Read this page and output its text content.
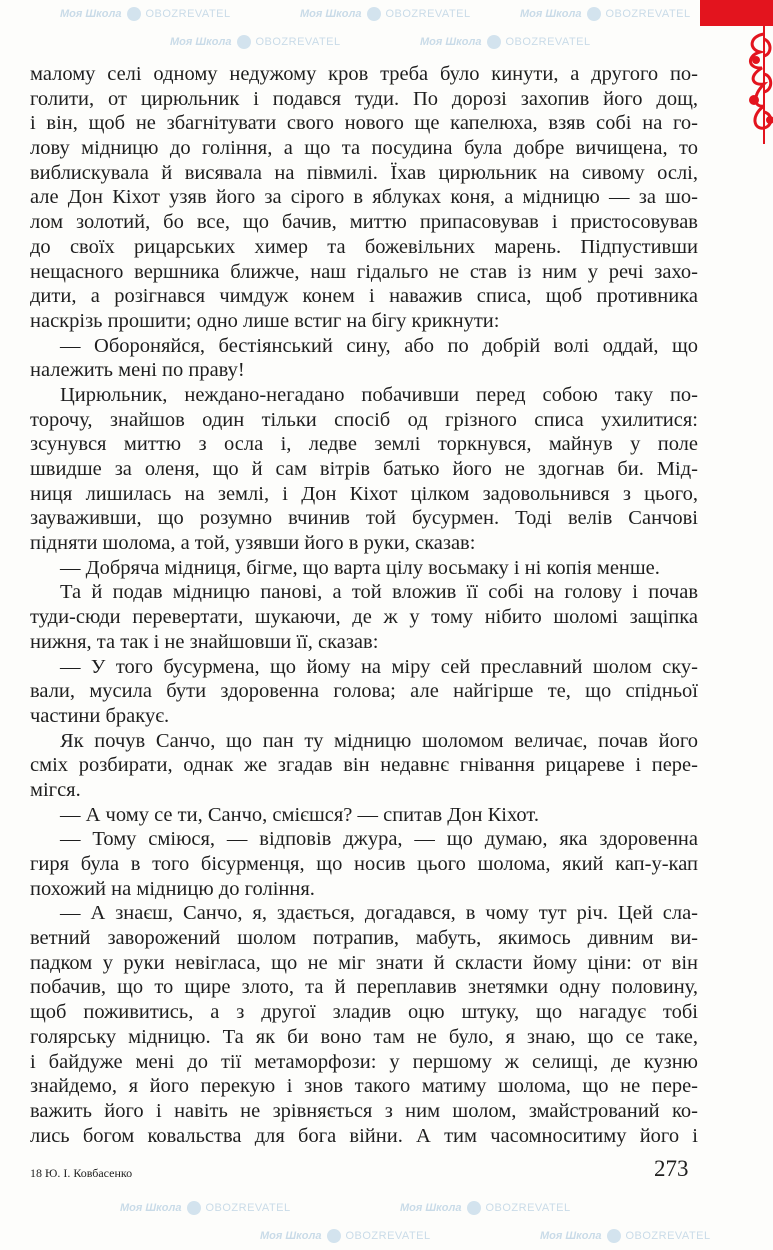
Моя Школа OBOZREVATEL	Моя Школа OBOZREVATEL	Моя Школа OBOZREVATEL
Моя Школа OBOZREVATEL	Моя Школа OBOZREVATEL
Моя Школа OBOZREVATEL	Моя Школа OBOZREVATEL
Моя Школа OBOZREVATEL	Моя Школа OBOZREVATEL
малому селі одному недужому кров треба було кинути, а другого по-
голити, от цирюльник і подався туди. По дорозі захопив його дощ,
і він, щоб не збагнітувати свого нового ще капелюха, взяв собі на го-
лову мідницю до гоління, а що та посудина була добре вичищена, то
виблискувала й висявала на півмилі. Їхав цирюльник на сивому ослі,
але Дон Кіхот узяв його за сірого в яблуках коня, а мідницю — за шо-
лом золотий, бо все, що бачив, миттю припасовував і пристосовував
до своїх рицарських химер та божевільних марень. Підпустивши
нещасного вершника ближче, наш гідальго не став із ним у речі захо-
дити, а розігнався чимдуж конем і наважив списа, щоб противника
наскрізь прошити; одно лише встиг на бігу крикнути:
— Обороняйся, бестіянський сину, або по добрій волі оддай, що
належить мені по праву!
Цирюльник, неждано-негадано побачивши перед собою таку по-
торочу, знайшов один тільки спосіб од грізного списа ухилитися:
зсунувся миттю з осла і, ледве землі торкнувся, майнув у поле
швидше за оленя, що й сам вітрів батько його не здогнав би. Мід-
ниця лишилась на землі, і Дон Кіхот цілком задовольнився з цього,
зауваживши, що розумно вчинив той бусурмен. Тоді велів Санчові
підняти шолома, а той, узявши його в руки, сказав:
— Добряча мідниця, бігме, що варта цілу восьмаку і ні копія менше.
Та й подав мідницю панові, а той вложив її собі на голову і почав
туди-сюди перевертати, шукаючи, де ж у тому нібито шоломі защіпка
нижня, та так і не знайшовши її, сказав:
— У того бусурмена, що йому на міру сей преславний шолом ску-
вали, мусила бути здоровенна голова; але найгірше те, що спідньої
частини бракує.
Як почув Санчо, що пан ту мідницю шоломом величає, почав його
сміх розбирати, однак же згадав він недавнє гнівання рицареве і пере-
мігся.
— А чому се ти, Санчо, смієшся? — спитав Дон Кіхот.
— Тому сміюся, — відповів джура, — що думаю, яка здоровенна
гиря була в того бісурменця, що носив цього шолома, який кап-у-кап
похожий на мідницю до гоління.
— А знаєш, Санчо, я, здається, догадався, в чому тут річ. Цей сла-
ветний заворожений шолом потрапив, мабуть, якимось дивним ви-
падком у руки невігласа, що не міг знати й скласти йому ціни: от він
побачив, що то щире злото, та й переплавив знетямки одну половину,
щоб поживитись, а з другої зладив оцю штуку, що нагадує тобі
голярську мідницю. Та як би воно там не було, я знаю, що се таке,
і байдуже мені до тії метаморфози: у першому ж селищі, де кузню
знайдемо, я його перекую і знов такого матиму шолома, що не пере-
важить його і навіть не зрівняється з ним шолом, змайстрований ко-
лись богом ковальства для бога війни. А тим часомноситиму його і
18 Ю. І. Ковбасенко	273
